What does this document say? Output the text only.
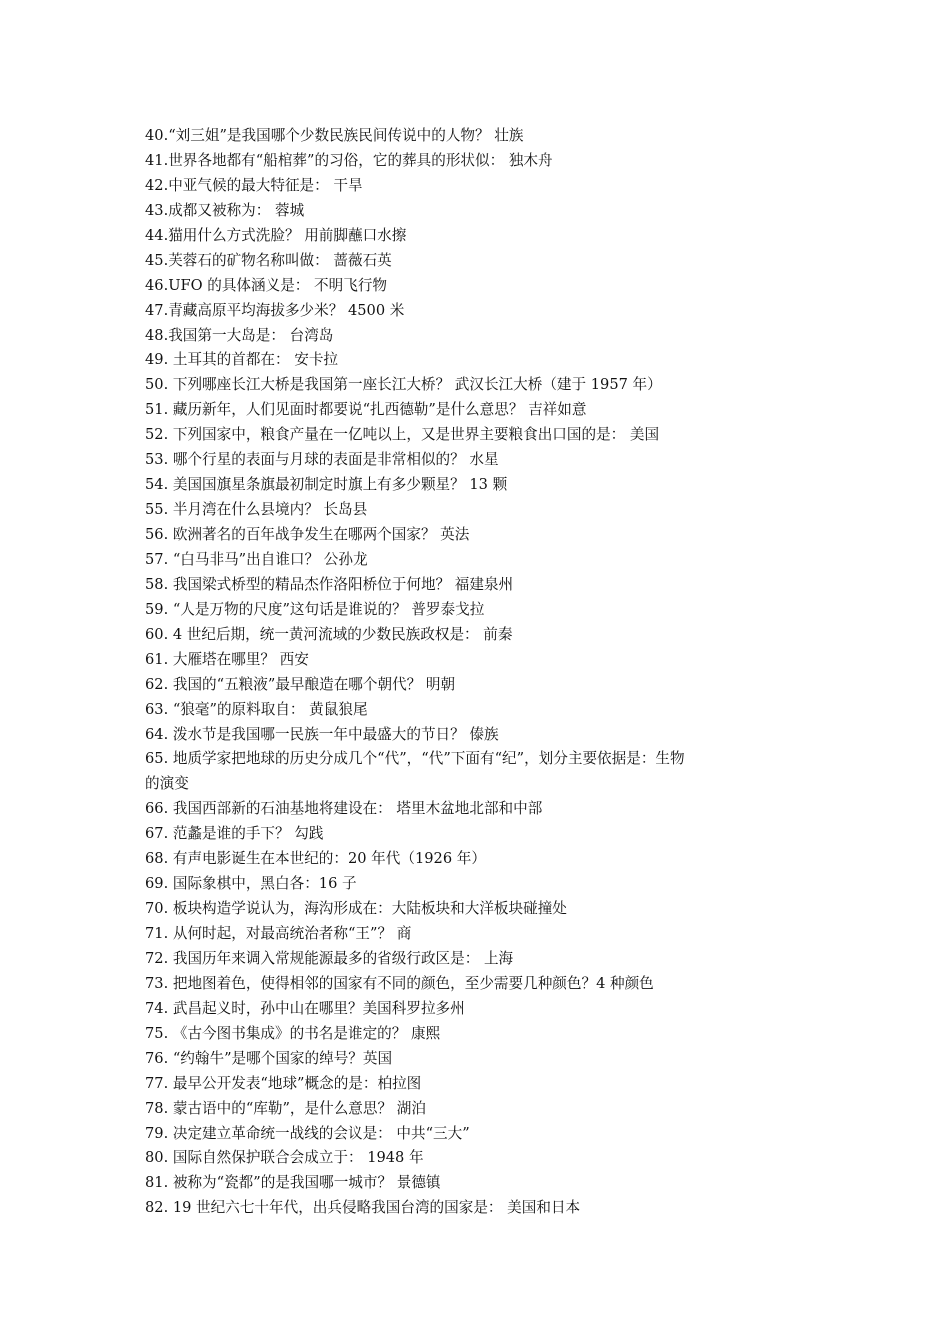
40.“刘三姐”是我国哪个少数民族民间传说中的人物？ 壮族
41.世界各地都有“船棺葬”的习俗，它的葬具的形状似： 独木舟
42.中亚气候的最大特征是： 干旱
43.成都又被称为： 蓉城
44.猫用什么方式洗脸？ 用前脚蘸口水擦
45.芙蓉石的矿物名称叫做： 蔷薇石英
46.UFO 的具体涵义是： 不明飞行物
47.青藏高原平均海拔多少米？ 4500 米
48.我国第一大岛是： 台湾岛
49. 土耳其的首都在： 安卡拉
50. 下列哪座长江大桥是我国第一座长江大桥？ 武汉长江大桥（建于 1957 年）
51. 藏历新年，人们见面时都要说“扎西德勒”是什么意思？ 吉祥如意
52. 下列国家中，粮食产量在一亿吨以上，又是世界主要粮食出口国的是： 美国
53. 哪个行星的表面与月球的表面是非常相似的？ 水星
54. 美国国旗星条旗最初制定时旗上有多少颗星？ 13 颗
55. 半月湾在什么县境内？ 长岛县
56. 欧洲著名的百年战争发生在哪两个国家？ 英法
57. “白马非马”出自谁口？ 公孙龙
58. 我国梁式桥型的精品杰作洛阳桥位于何地？ 福建泉州
59. “人是万物的尺度”这句话是谁说的？ 普罗泰戈拉
60. 4 世纪后期，统一黄河流域的少数民族政权是： 前秦
61. 大雁塔在哪里？ 西安
62. 我国的“五粮液”最早酿造在哪个朝代？ 明朝
63. “狼毫”的原料取自： 黄鼠狼尾
64. 泼水节是我国哪一民族一年中最盛大的节日？ 傣族
65. 地质学家把地球的历史分成几个“代”，“代”下面有“纪”，划分主要依据是：生物
的演变
66. 我国西部新的石油基地将建设在： 塔里木盆地北部和中部
67. 范蠡是谁的手下？ 勾践
68. 有声电影诞生在本世纪的：20 年代（1926 年）
69. 国际象棋中，黑白各：16 子
70. 板块构造学说认为，海沟形成在：大陆板块和大洋板块碰撞处
71. 从何时起，对最高统治者称“王”？ 商
72. 我国历年来调入常规能源最多的省级行政区是： 上海
73. 把地图着色，使得相邻的国家有不同的颜色，至少需要几种颜色？4 种颜色
74. 武昌起义时，孙中山在哪里？美国科罗拉多州
75. 《古今图书集成》的书名是谁定的？ 康熙
76. “约翰牛”是哪个国家的绰号？英国
77. 最早公开发表“地球”概念的是：柏拉图
78. 蒙古语中的“库勒”，是什么意思？ 湖泊
79. 决定建立革命统一战线的会议是： 中共“三大”
80. 国际自然保护联合会成立于： 1948 年
81. 被称为“瓷都”的是我国哪一城市？ 景德镇
82. 19 世纪六七十年代，出兵侵略我国台湾的国家是： 美国和日本
